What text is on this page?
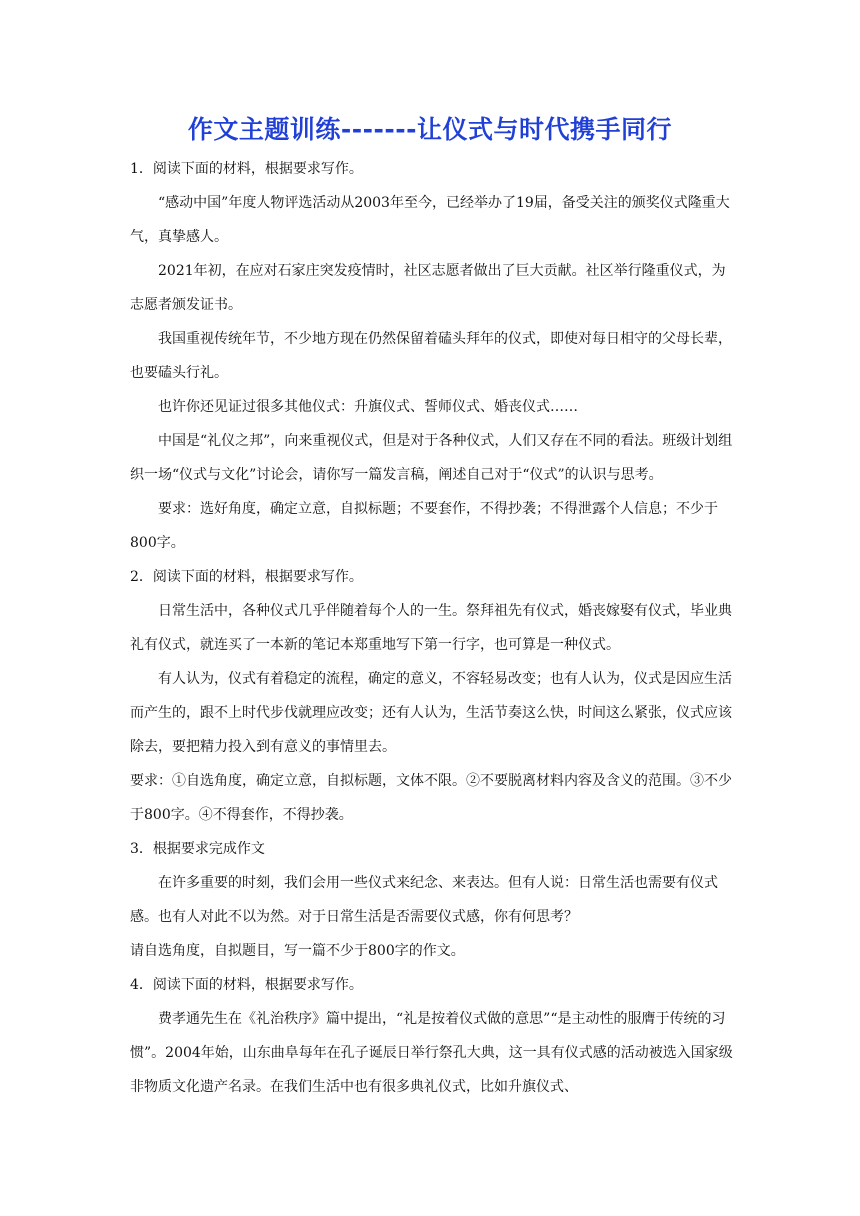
作文主题训练-------让仪式与时代携手同行

1．阅读下面的材料，根据要求写作。

“感动中国”年度人物评选活动从2003年至今，已经举办了19届，备受关注的颁奖仪式隆重大气，真挚感人。

2021年初，在应对石家庄突发疫情时，社区志愿者做出了巨大贡献。社区举行隆重仪式，为志愿者颁发证书。

我国重视传统年节，不少地方现在仍然保留着磕头拜年的仪式，即使对每日相守的父母长辈，也要磕头行礼。

也许你还见证过很多其他仪式：升旗仪式、誓师仪式、婚丧仪式……

中国是“礼仪之邦”，向来重视仪式，但是对于各种仪式，人们又存在不同的看法。班级计划组织一场“仪式与文化”讨论会，请你写一篇发言稿，阐述自己对于“仪式”的认识与思考。

要求：选好角度，确定立意，自拟标题；不要套作，不得抄袭；不得泄露个人信息；不少于800字。

2．阅读下面的材料，根据要求写作。

日常生活中，各种仪式几乎伴随着每个人的一生。祭拜祖先有仪式，婚丧嫁娶有仪式，毕业典礼有仪式，就连买了一本新的笔记本郑重地写下第一行字，也可算是一种仪式。

有人认为，仪式有着稳定的流程，确定的意义，不容轻易改变；也有人认为，仪式是因应生活而产生的，跟不上时代步伐就理应改变；还有人认为，生活节奏这么快，时间这么紧张，仪式应该除去，要把精力投入到有意义的事情里去。

要求：①自选角度，确定立意，自拟标题，文体不限。②不要脱离材料内容及含义的范围。③不少于800字。④不得套作，不得抄袭。

3．根据要求完成作文

在许多重要的时刻，我们会用一些仪式来纪念、来表达。但有人说：日常生活也需要有仪式感。也有人对此不以为然。对于日常生活是否需要仪式感，你有何思考？

请自选角度，自拟题目，写一篇不少于800字的作文。

4．阅读下面的材料，根据要求写作。

费孝通先生在《礼治秩序》篇中提出，“礼是按着仪式做的意思”“是主动性的服膺于传统的习惯”。2004年始，山东曲阜每年在孔子诞辰日举行祭孔大典，这一具有仪式感的活动被选入国家级非物质文化遗产名录。在我们生活中也有很多典礼仪式，比如升旗仪式、
